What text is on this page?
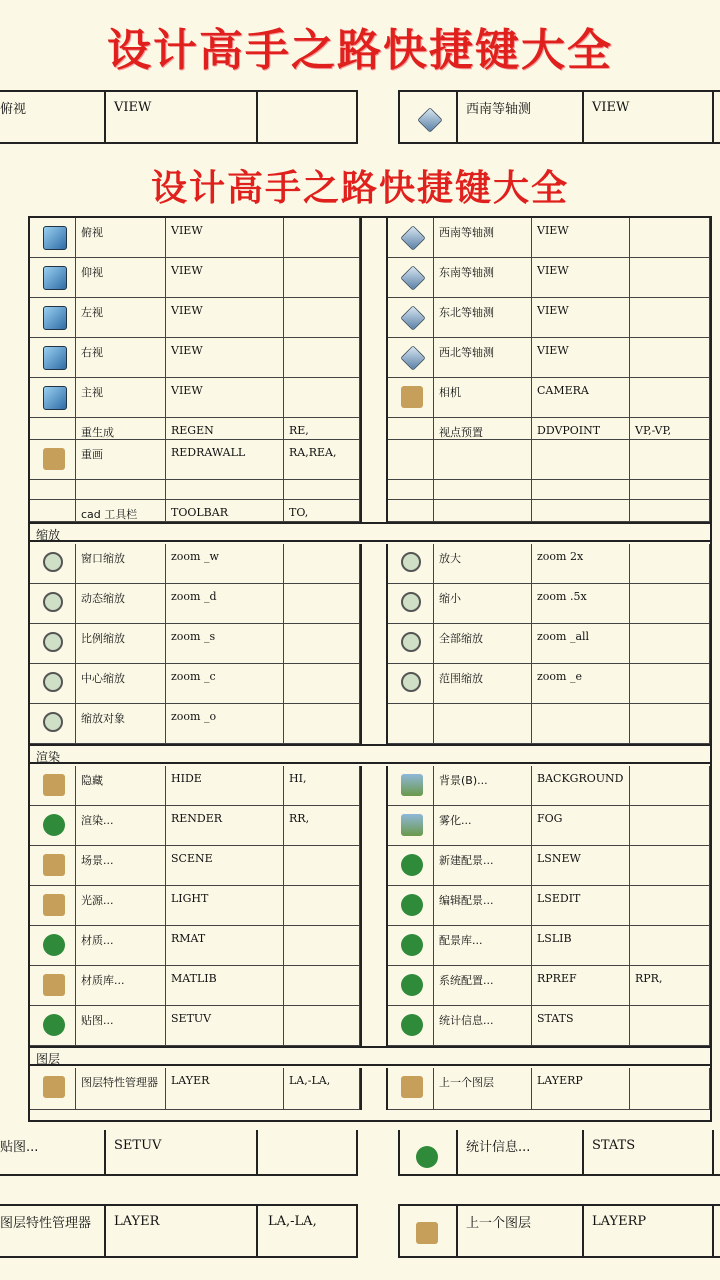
设计高手之路快捷键大全
俯视	VIEW	西南等轴测	VIEW
设计高手之路快捷键大全
俯视	VIEW	西南等轴测	VIEW
仰视	VIEW	东南等轴测	VIEW
左视	VIEW	东北等轴测	VIEW
右视	VIEW	西北等轴测	VIEW
主视	VIEW	相机	CAMERA
重生成	REGEN	RE,	视点预置	DDVPOINT	VP,-VP,
重画	REDRAWALL	RA,REA,
cad 工具栏	TOOLBAR	TO,
缩放
窗口缩放	zoom _w	放大	zoom 2x
动态缩放	zoom _d	缩小	zoom .5x
比例缩放	zoom _s	全部缩放	zoom _all
中心缩放	zoom _c	范围缩放	zoom _e
缩放对象	zoom _o
渲染
隐藏	HIDE	HI,	背景(B)...	BACKGROUND
渲染...	RENDER	RR,	雾化...	FOG
场景...	SCENE	新建配景...	LSNEW
光源...	LIGHT	编辑配景...	LSEDIT
材质...	RMAT	配景库...	LSLIB
材质库...	MATLIB	系统配置...	RPREF	RPR,
贴图...	SETUV	统计信息...	STATS
图层
图层特性管理器	LAYER	LA,-LA,	上一个图层	LAYERP
贴图...	SETUV	统计信息...	STATS
图层特性管理器	LAYER	LA,-LA,	上一个图层	LAYERP
